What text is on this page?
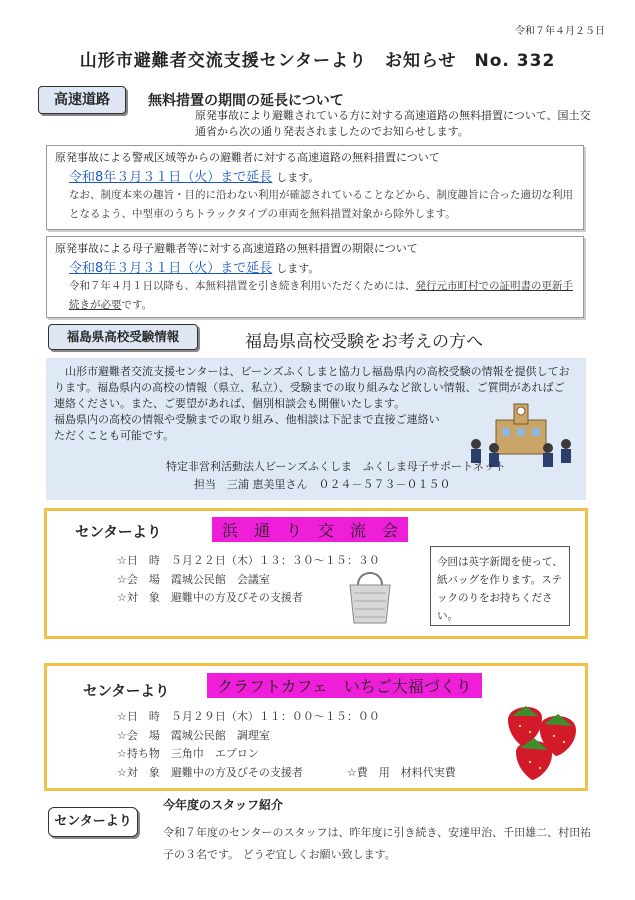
令和７年４月２５日
山形市避難者交流支援センターより　お知らせ　No. 332
高速道路	無料措置の期間の延長について
原発事故により避難されている方に対する高速道路の無料措置について、国土交通省から次の通り発表されましたのでお知らせします。
原発事故による警戒区域等からの避難者に対する高速道路の無料措置について
令和8年３月３１日（火）まで延長 します。
なお、制度本来の趣旨・目的に沿わない利用が確認されていることなどから、制度趣旨に合った適切な利用となるよう、中型車のうちトラックタイプの車両を無料措置対象から除外します。
原発事故による母子避難者等に対する高速道路の無料措置の期限について
令和8年３月３１日（火）まで延長 します。
令和７年４月１日以降も、本無料措置を引き続き利用いただくためには、発行元市町村での証明書の更新手続きが必要です。
福島県高校受験情報	福島県高校受験をお考えの方へ

　山形市避難者交流支援センターは、ビーンズふくしまと協力し福島県内の高校受験の情報を提供しております。福島県内の高校の情報（県立、私立）、受験までの取り組みなど欲しい情報、ご質問があればご連絡ください。また、ご要望があれば、個別相談会も開催いたします。

福島県内の高校の情報や受験までの取り組み、他相談は下記まで直接ご連絡いただくことも可能です。

特定非営利活動法人ビーンズふくしま　ふくしま母子サポートネット
担当　三浦 恵美里さん　０２４－５７３－０１５０
センターより	浜　通　り　交　流　会
☆日　時　５月２２日（木）１３：３０～１５：３０
☆会　場　霞城公民館　会議室
☆対　象　避難中の方及びその支援者
今回は英字新聞を使って、紙バッグを作ります。ステックのりをお持ちください。
センターより	クラフトカフェ　いちご大福づくり
☆日　時　５月２９日（木）１１：００～１５：００
☆会　場　霞城公民館　調理室
☆持ち物　三角巾　エプロン
☆対　象　避難中の方及びその支援者　　　　☆費　用　材料代実費
センターより
今年度のスタッフ紹介
令和７年度のセンターのスタッフは、昨年度に引き続き、安達甲治、千田雄二、村田祐子の３名です。 どうぞ宜しくお願い致します。
